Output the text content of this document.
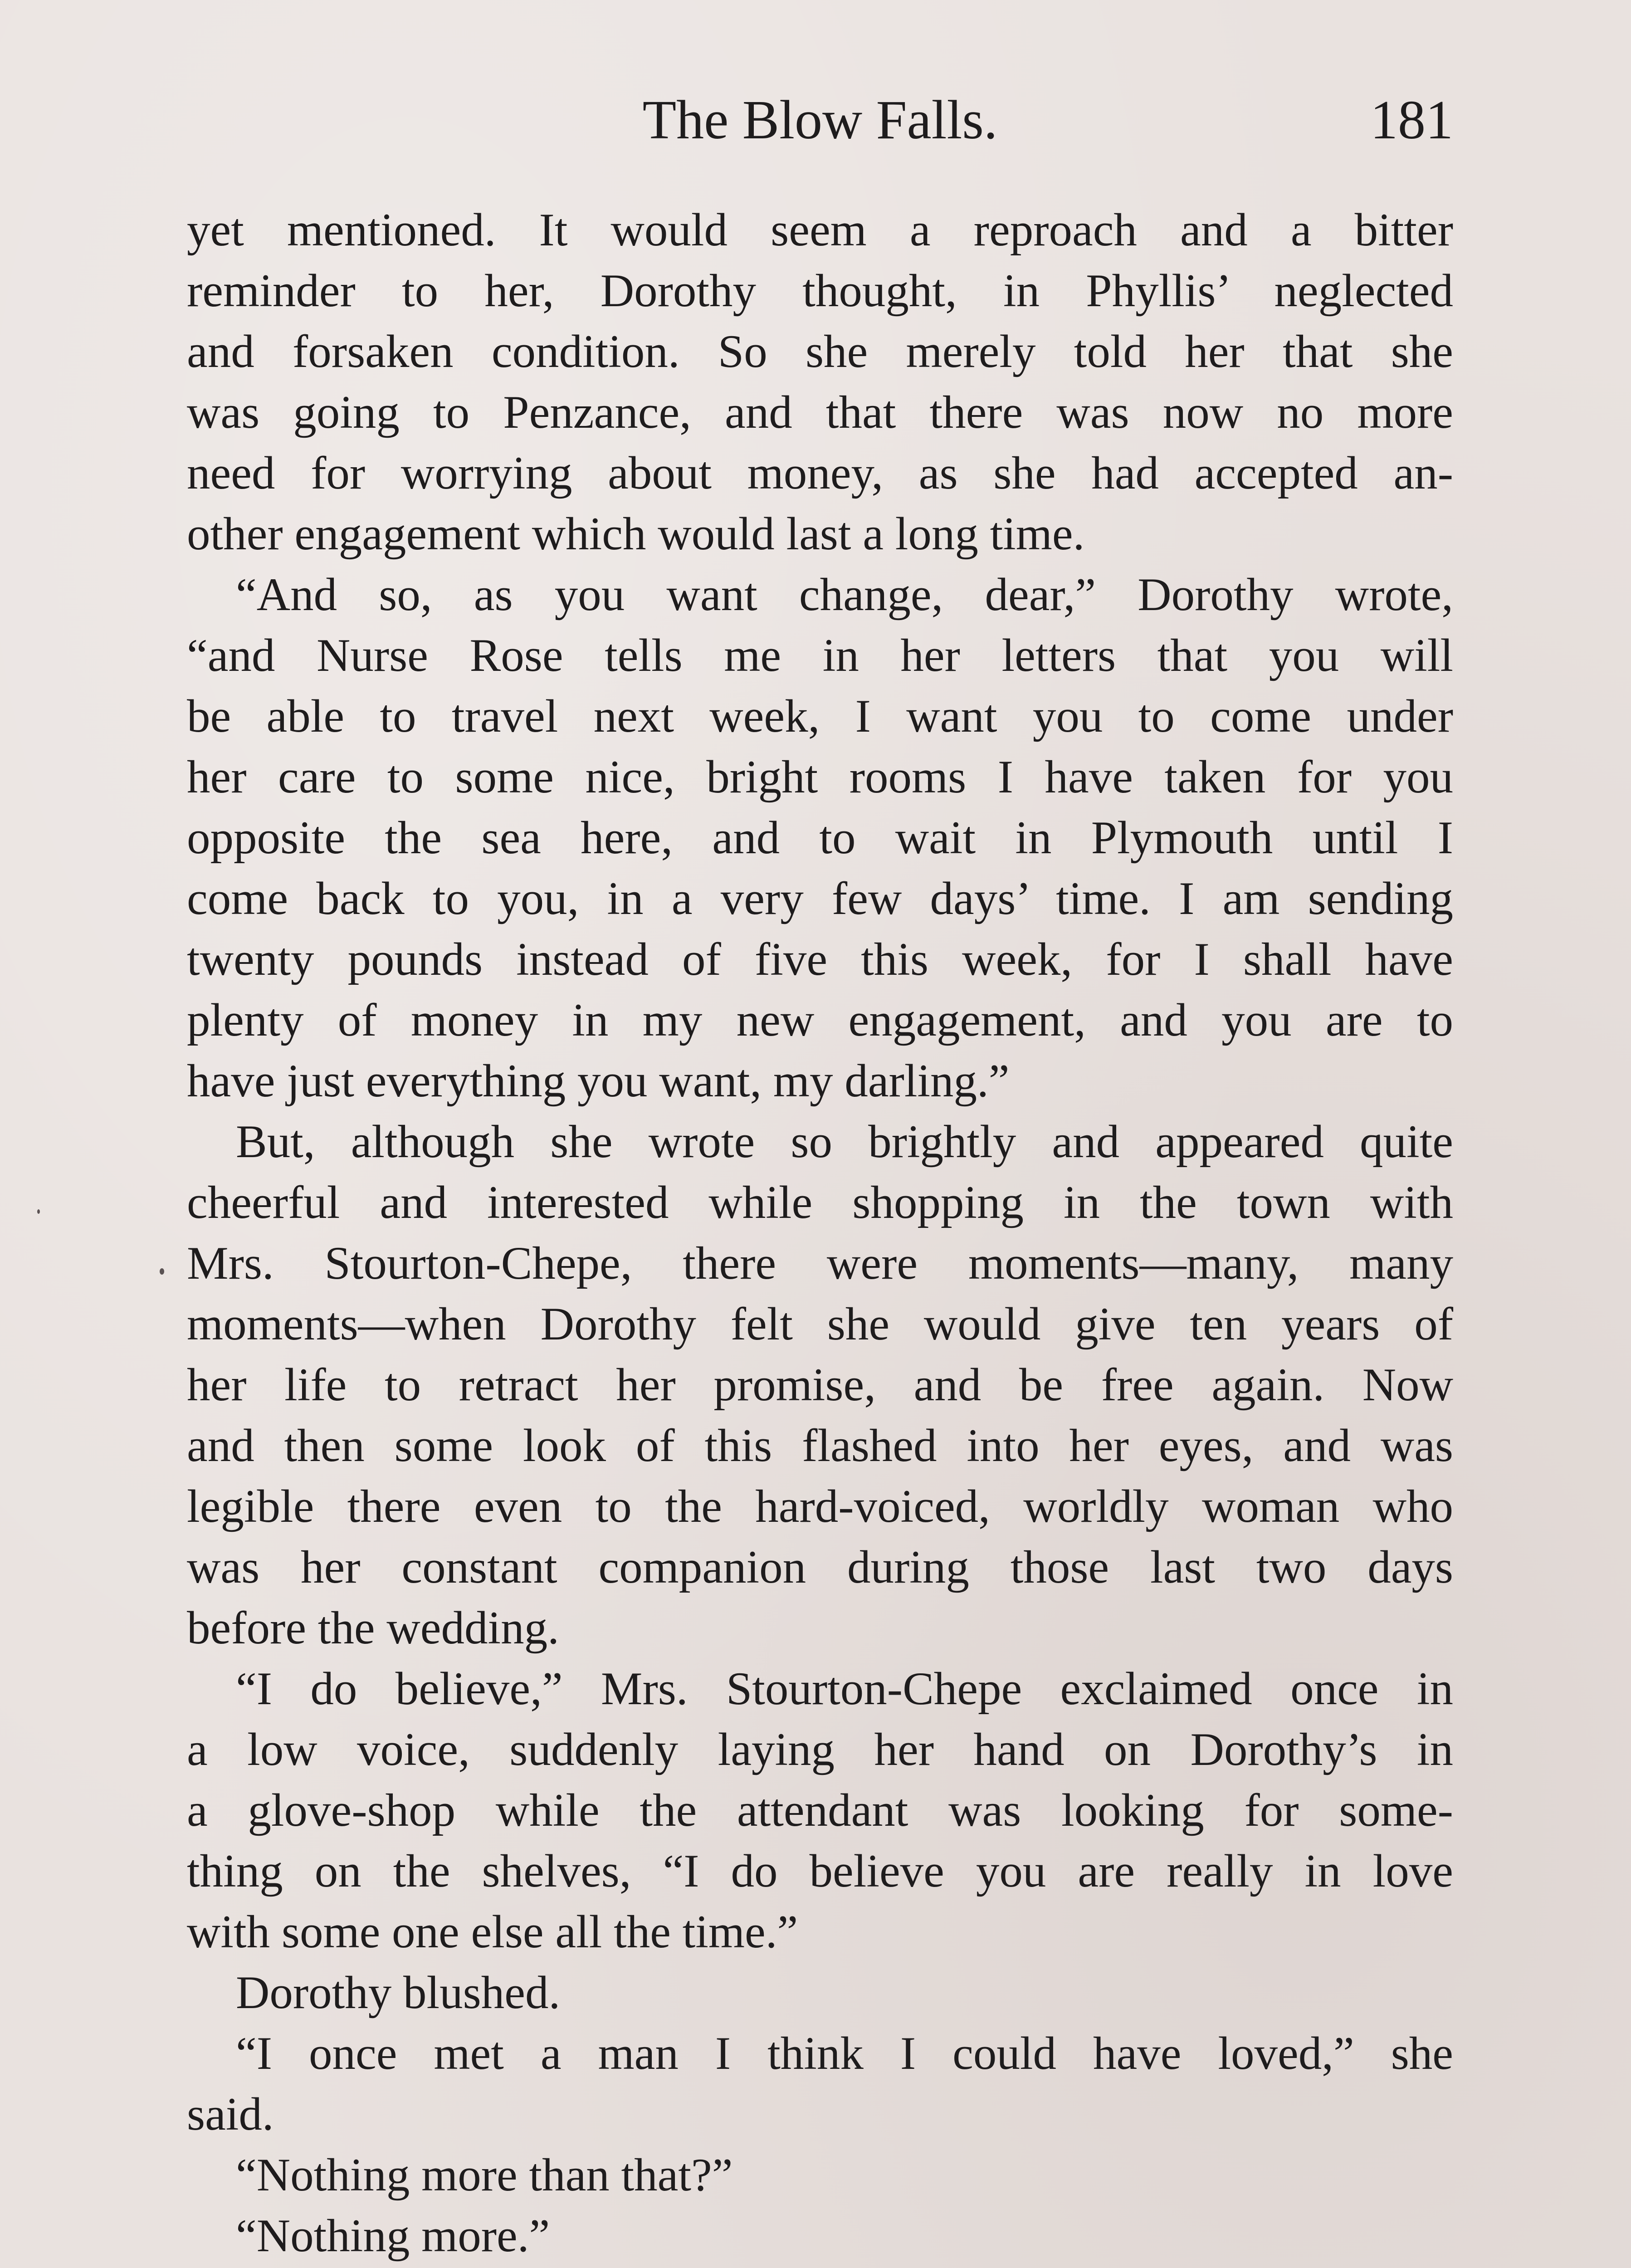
The Blow Falls.	181
yet mentioned. It would seem a reproach and a bitter
reminder to her, Dorothy thought, in Phyllis’ neglected
and forsaken condition. So she merely told her that she
was going to Penzance, and that there was now no more
need for worrying about money, as she had accepted an-
other engagement which would last a long time.
“And so, as you want change, dear,” Dorothy wrote,
“and Nurse Rose tells me in her letters that you will
be able to travel next week, I want you to come under
her care to some nice, bright rooms I have taken for you
opposite the sea here, and to wait in Plymouth until I
come back to you, in a very few days’ time. I am sending
twenty pounds instead of five this week, for I shall have
plenty of money in my new engagement, and you are to
have just everything you want, my darling.”
But, although she wrote so brightly and appeared quite
cheerful and interested while shopping in the town with
Mrs. Stourton-Chepe, there were moments—many, many
moments—when Dorothy felt she would give ten years of
her life to retract her promise, and be free again. Now
and then some look of this flashed into her eyes, and was
legible there even to the hard-voiced, worldly woman who
was her constant companion during those last two days
before the wedding.
“I do believe,” Mrs. Stourton-Chepe exclaimed once in
a low voice, suddenly laying her hand on Dorothy’s in
a glove-shop while the attendant was looking for some-
thing on the shelves, “I do believe you are really in love
with some one else all the time.”
Dorothy blushed.
“I once met a man I think I could have loved,” she
said.
“Nothing more than that?”
“Nothing more.”
